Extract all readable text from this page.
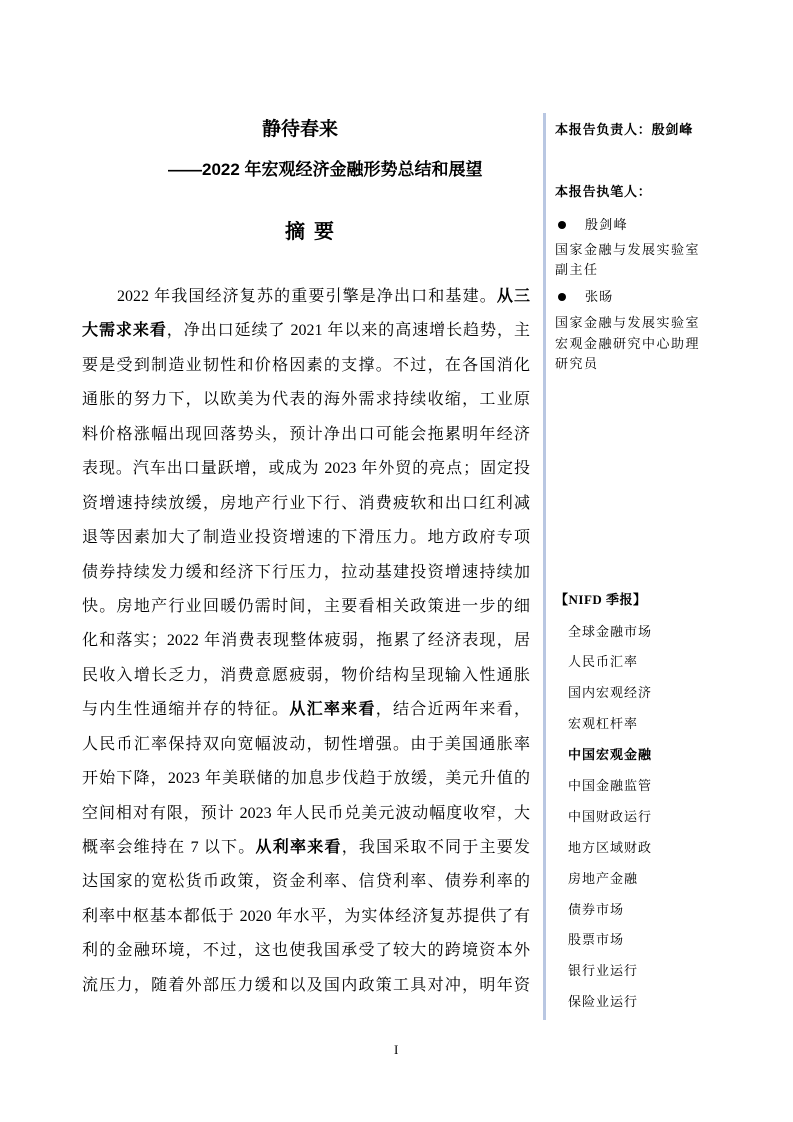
静待春来
——2022 年宏观经济金融形势总结和展望
摘 要
2022 年我国经济复苏的重要引擎是净出口和基建。从三
大需求来看，净出口延续了 2021 年以来的高速增长趋势，主
要是受到制造业韧性和价格因素的支撑。不过，在各国消化
通胀的努力下，以欧美为代表的海外需求持续收缩，工业原
料价格涨幅出现回落势头，预计净出口可能会拖累明年经济
表现。汽车出口量跃增，或成为 2023 年外贸的亮点；固定投
资增速持续放缓，房地产行业下行、消费疲软和出口红利减
退等因素加大了制造业投资增速的下滑压力。地方政府专项
债券持续发力缓和经济下行压力，拉动基建投资增速持续加
快。房地产行业回暖仍需时间，主要看相关政策进一步的细
化和落实；2022 年消费表现整体疲弱，拖累了经济表现，居
民收入增长乏力，消费意愿疲弱，物价结构呈现输入性通胀
与内生性通缩并存的特征。从汇率来看，结合近两年来看，
人民币汇率保持双向宽幅波动，韧性增强。由于美国通胀率
开始下降，2023 年美联储的加息步伐趋于放缓，美元升值的
空间相对有限，预计 2023 年人民币兑美元波动幅度收窄，大
概率会维持在 7 以下。从利率来看，我国采取不同于主要发
达国家的宽松货币政策，资金利率、信贷利率、债券利率的
利率中枢基本都低于 2020 年水平，为实体经济复苏提供了有
利的金融环境，不过，这也使我国承受了较大的跨境资本外
流压力，随着外部压力缓和以及国内政策工具对冲，明年资
本报告负责人：殷剑峰
本报告执笔人：
殷剑峰
国家金融与发展实验室
副主任
张旸
国家金融与发展实验室
宏观金融研究中心助理
研究员
【NIFD 季报】
全球金融市场
人民币汇率
国内宏观经济
宏观杠杆率
中国宏观金融
中国金融监管
中国财政运行
地方区域财政
房地产金融
债券市场
股票市场
银行业运行
保险业运行
I
